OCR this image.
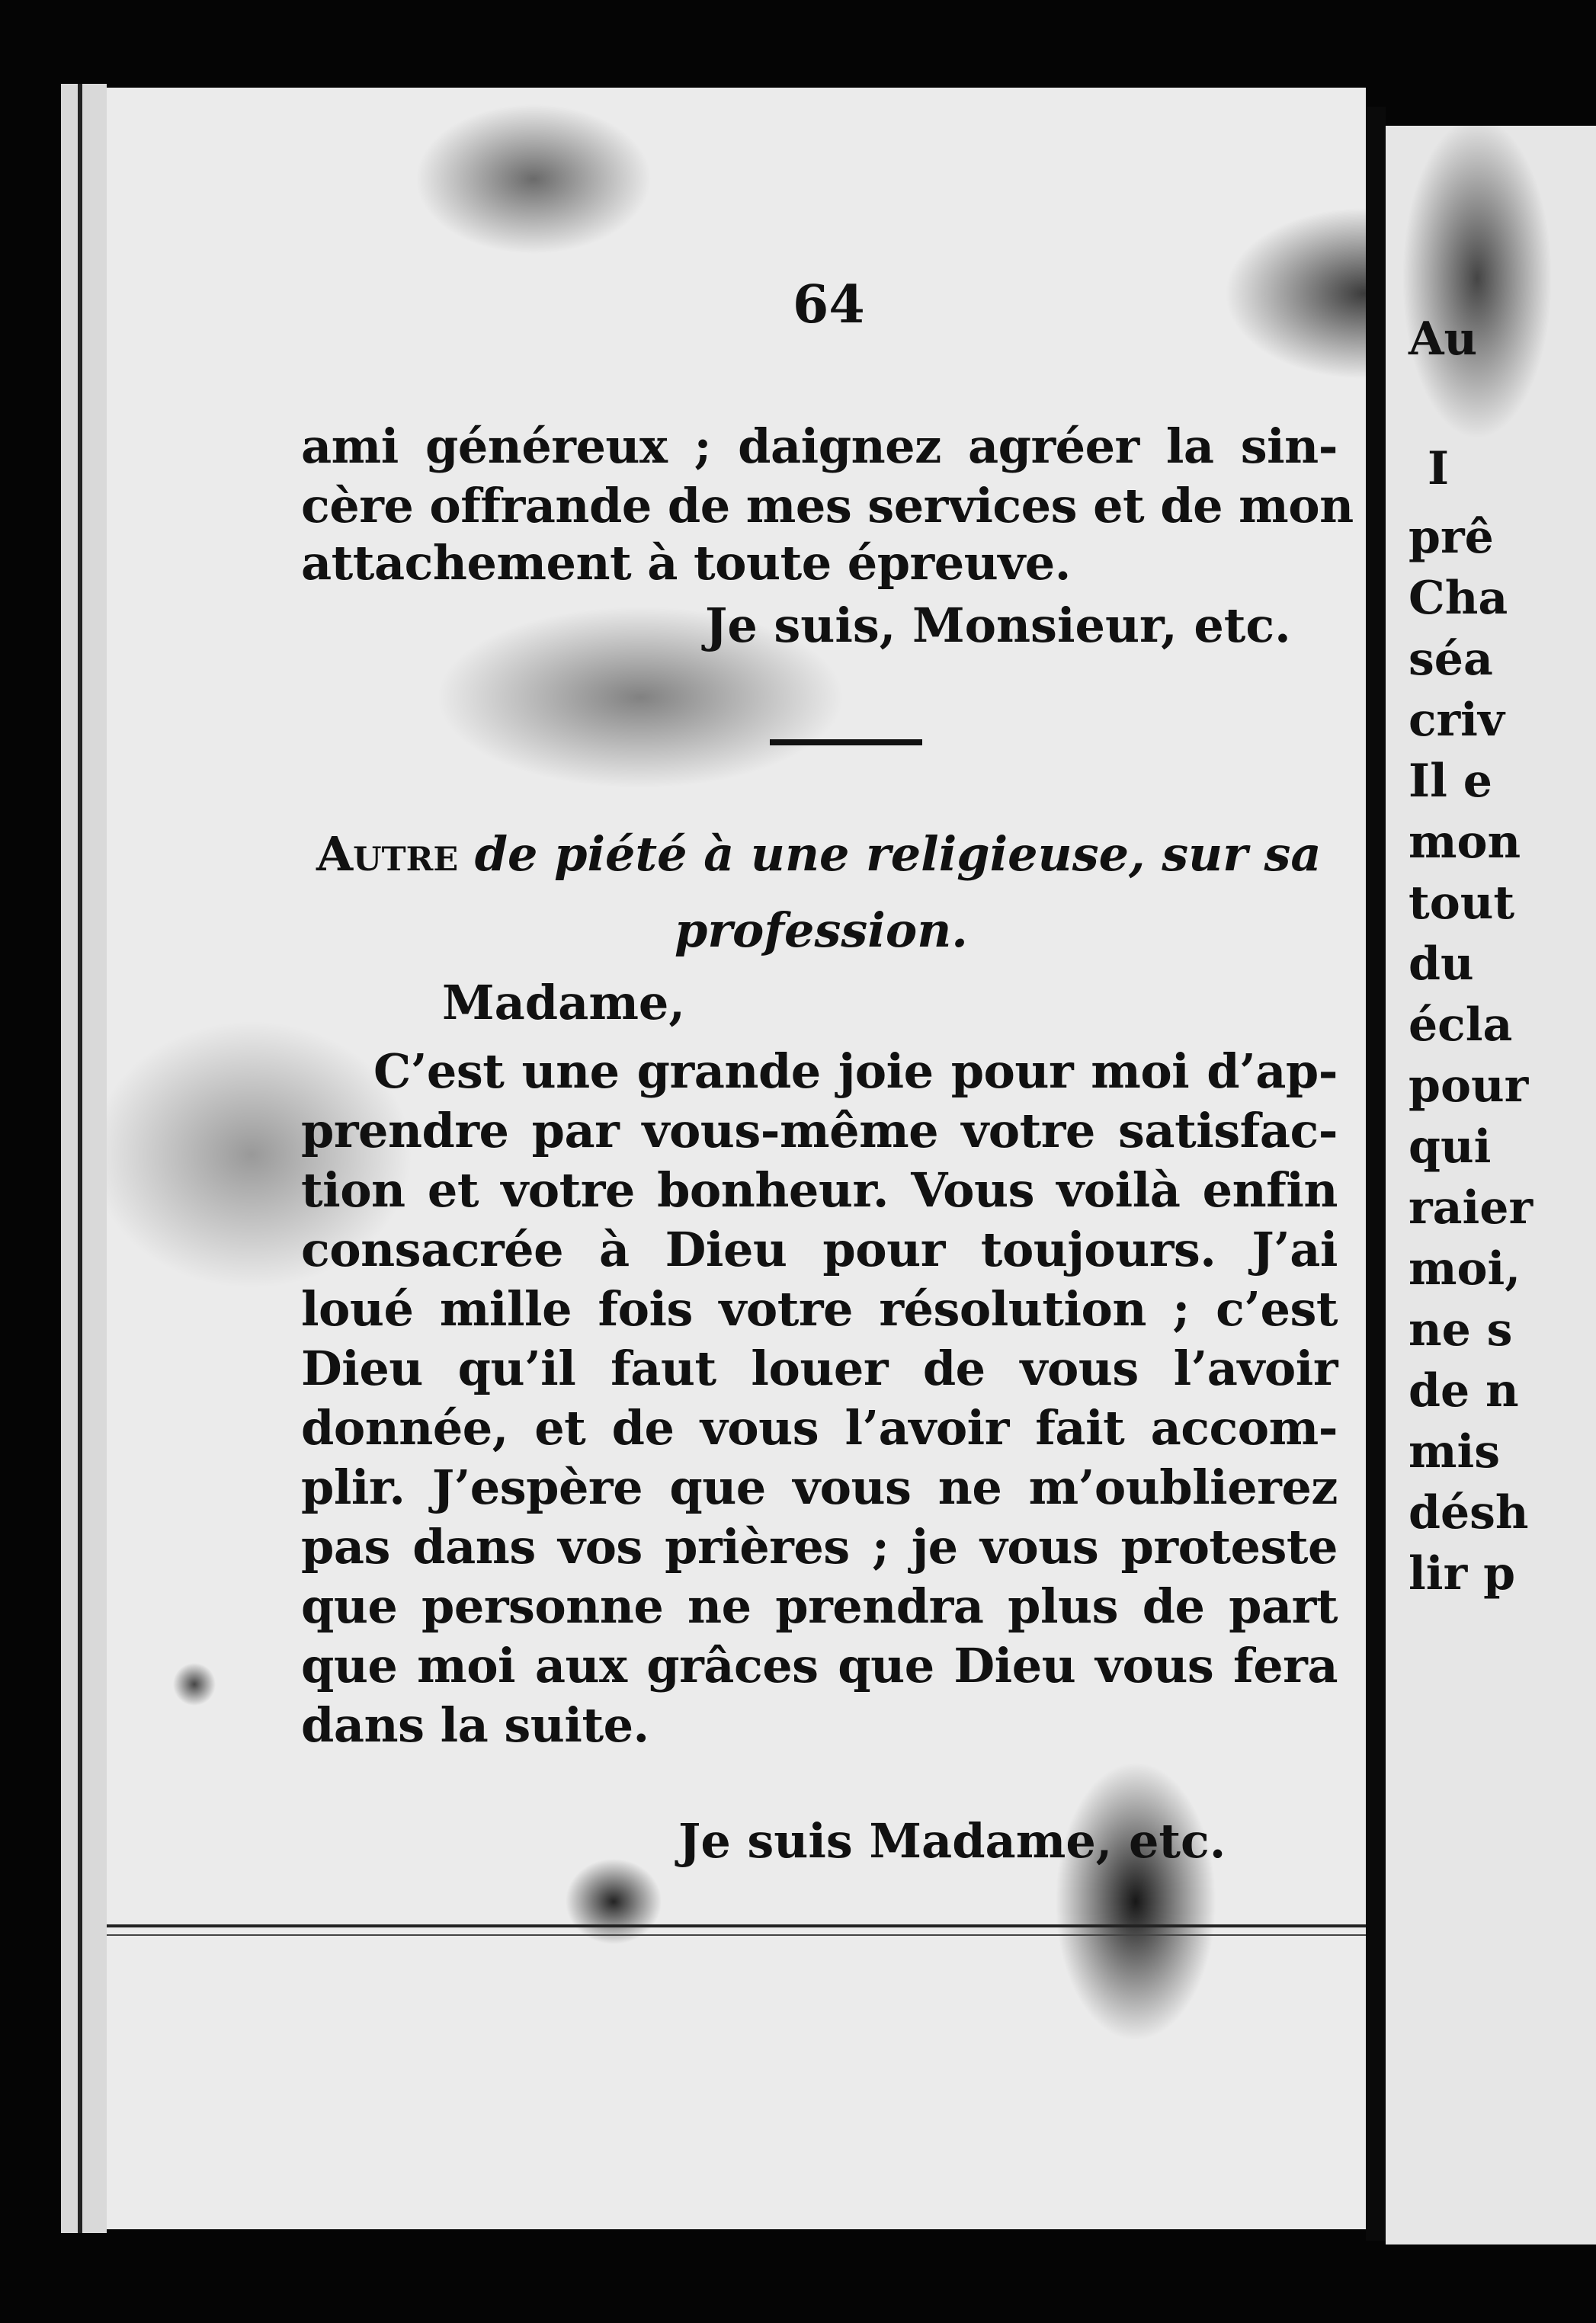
Au
I
prê
Cha
séa
criv
Il e
mon
tout
du
écla
pour
qui
raier
moi,
ne s
de n
mis
désh
lir p
64
ami généreux ; daignez agréer la sin-
cère offrande de mes services et de mon
attachement à toute épreuve.
Je suis, Monsieur, etc.
Autre de piété à une religieuse, sur sa
profession.
Madame,
C’est une grande joie pour moi d’ap-
prendre par vous-même votre satisfac-
tion et votre bonheur. Vous voilà enfin
consacrée à Dieu pour toujours. J’ai
loué mille fois votre résolution ; c’est
Dieu qu’il faut louer de vous l’avoir
donnée, et de vous l’avoir fait accom-
plir. J’espère que vous ne m’oublierez
pas dans vos prières ; je vous proteste
que personne ne prendra plus de part
que moi aux grâces que Dieu vous fera
dans la suite.
Je suis Madame, etc.
